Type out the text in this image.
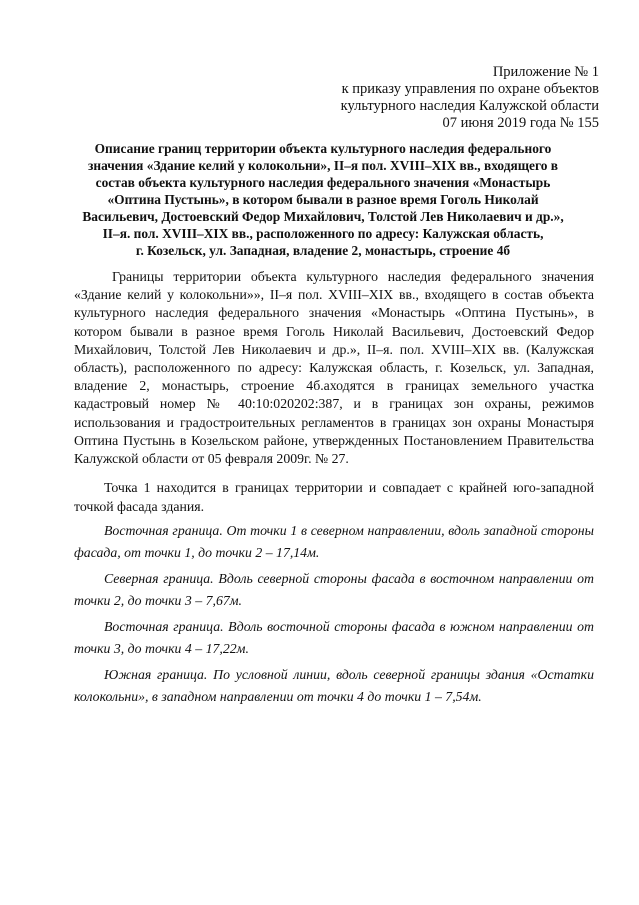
Приложение № 1
к приказу управления по охране объектов
культурного наследия Калужской области
07 июня 2019 года № 155
Описание границ территории объекта культурного наследия федерального
значения «Здание келий у колокольни», II–я пол. XVIII–XIX вв., входящего в
состав объекта культурного наследия федерального значения «Монастырь
«Оптина Пустынь», в котором бывали в разное время Гоголь Николай
Васильевич, Достоевский Федор Михайлович, Толстой Лев Николаевич и др.»,
II–я. пол. XVIII–XIX вв., расположенного по адресу: Калужская область,
г. Козельск, ул. Западная, владение 2, монастырь, строение 4б

Границы территории объекта культурного наследия федерального значения «Здание келий у колокольни»», II–я пол. XVIII–XIX вв., входящего в состав объекта культурного наследия федерального значения «Монастырь «Оптина Пустынь», в котором бывали в разное время Гоголь Николай Васильевич, Достоевский Федор Михайлович, Толстой Лев Николаевич и др.», II–я. пол. XVIII–XIX вв. (Калужская область), расположенного по адресу: Калужская область, г. Козельск, ул. Западная, владение 2, монастырь, строение 4б.аходятся в границах земельного участка кадастровый номер № 40:10:020202:387, и в границах зон охраны, режимов использования и градостроительных регламентов в границах зон охраны Монастыря Оптина Пустынь в Козельском районе, утвержденных Постановлением Правительства Калужской области от 05 февраля 2009г. № 27.

Точка 1 находится в границах территории и совпадает с крайней юго-западной точкой фасада здания.

Восточная граница. От точки 1 в северном направлении, вдоль западной стороны фасада, от точки 1, до точки 2 – 17,14м.

Северная граница. Вдоль северной стороны фасада в восточном направлении от точки 2, до точки 3 – 7,67м.

Восточная граница. Вдоль восточной стороны фасада в южном направлении от точки 3, до точки 4 – 17,22м.

Южная граница. По условной линии, вдоль северной границы здания «Остатки колокольни», в западном направлении от точки 4 до точки 1 – 7,54м.
